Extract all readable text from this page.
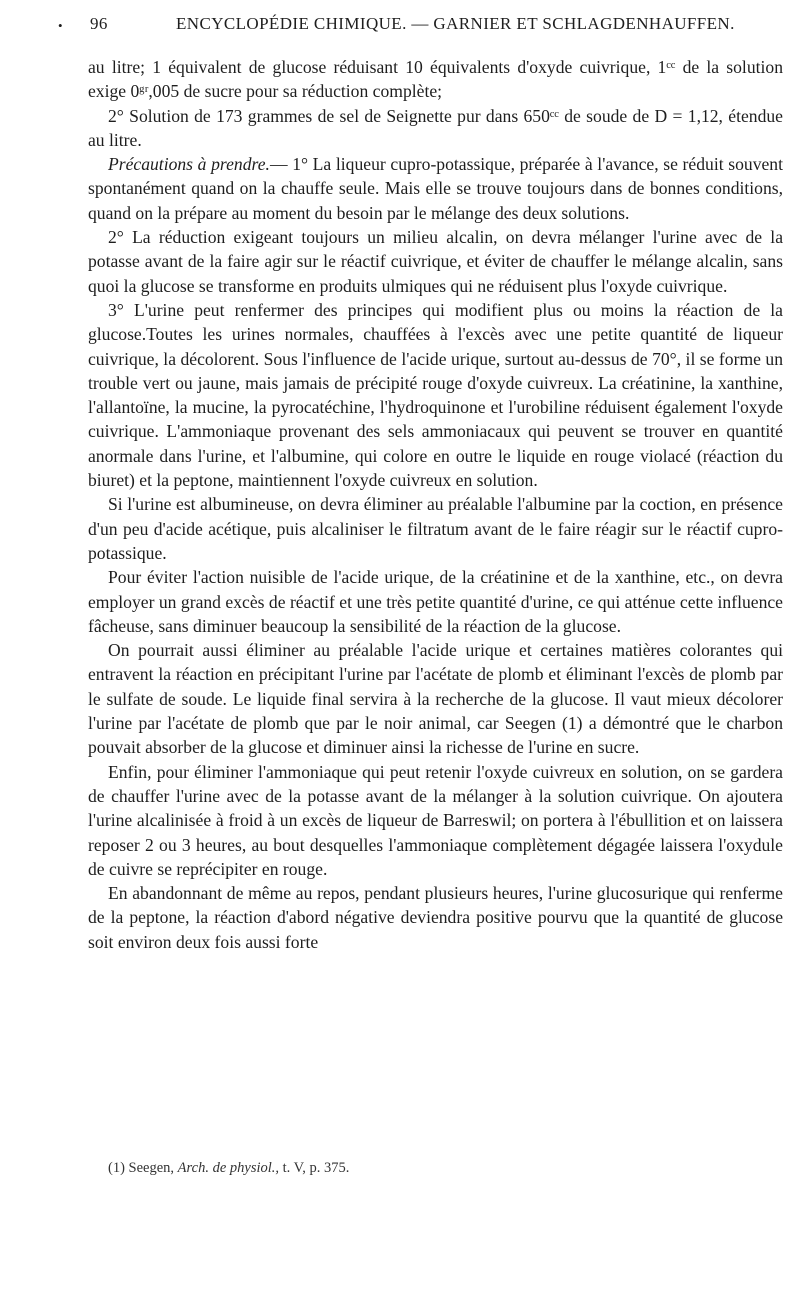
• 96	ENCYCLOPÉDIE CHIMIQUE. — GARNIER ET SCHLAGDENHAUFFEN.

au litre; 1 équivalent de glucose réduisant 10 équivalents d'oxyde cuivrique, 1ᶜᶜ de la solution exige 0ᵍʳ,005 de sucre pour sa réduction complète;

2° Solution de 173 grammes de sel de Seignette pur dans 650ᶜᶜ de soude de D = 1,12, étendue au litre.

Précautions à prendre.— 1° La liqueur cupro-potassique, préparée à l'avance, se réduit souvent spontanément quand on la chauffe seule. Mais elle se trouve toujours dans de bonnes conditions, quand on la prépare au moment du besoin par le mélange des deux solutions.

2° La réduction exigeant toujours un milieu alcalin, on devra mélanger l'urine avec de la potasse avant de la faire agir sur le réactif cuivrique, et éviter de chauffer le mélange alcalin, sans quoi la glucose se transforme en produits ulmiques qui ne réduisent plus l'oxyde cuivrique.

3° L'urine peut renfermer des principes qui modifient plus ou moins la réaction de la glucose.Toutes les urines normales, chauffées à l'excès avec une petite quantité de liqueur cuivrique, la décolorent. Sous l'influence de l'acide urique, surtout au-dessus de 70°, il se forme un trouble vert ou jaune, mais jamais de précipité rouge d'oxyde cuivreux. La créatinine, la xanthine, l'allantoïne, la mucine, la pyrocatéchine, l'hydroquinone et l'urobiline réduisent également l'oxyde cuivrique. L'ammoniaque provenant des sels ammoniacaux qui peuvent se trouver en quantité anormale dans l'urine, et l'albumine, qui colore en outre le liquide en rouge violacé (réaction du biuret) et la peptone, maintiennent l'oxyde cuivreux en solution.

Si l'urine est albumineuse, on devra éliminer au préalable l'albumine par la coction, en présence d'un peu d'acide acétique, puis alcaliniser le filtratum avant de le faire réagir sur le réactif cupro-potassique.

Pour éviter l'action nuisible de l'acide urique, de la créatinine et de la xanthine, etc., on devra employer un grand excès de réactif et une très petite quantité d'urine, ce qui atténue cette influence fâcheuse, sans diminuer beaucoup la sensibilité de la réaction de la glucose.

On pourrait aussi éliminer au préalable l'acide urique et certaines matières colorantes qui entravent la réaction en précipitant l'urine par l'acétate de plomb et éliminant l'excès de plomb par le sulfate de soude. Le liquide final servira à la recherche de la glucose. Il vaut mieux décolorer l'urine par l'acétate de plomb que par le noir animal, car Seegen (1) a démontré que le charbon pouvait absorber de la glucose et diminuer ainsi la richesse de l'urine en sucre.

Enfin, pour éliminer l'ammoniaque qui peut retenir l'oxyde cuivreux en solution, on se gardera de chauffer l'urine avec de la potasse avant de la mélanger à la solution cuivrique. On ajoutera l'urine alcalinisée à froid à un excès de liqueur de Barreswil; on portera à l'ébullition et on laissera reposer 2 ou 3 heures, au bout desquelles l'ammoniaque complètement dégagée laissera l'oxydule de cuivre se reprécipiter en rouge.

En abandonnant de même au repos, pendant plusieurs heures, l'urine glucosurique qui renferme de la peptone, la réaction d'abord négative deviendra positive pourvu que la quantité de glucose soit environ deux fois aussi forte

(1) Seegen, Arch. de physiol., t. V, p. 375.
